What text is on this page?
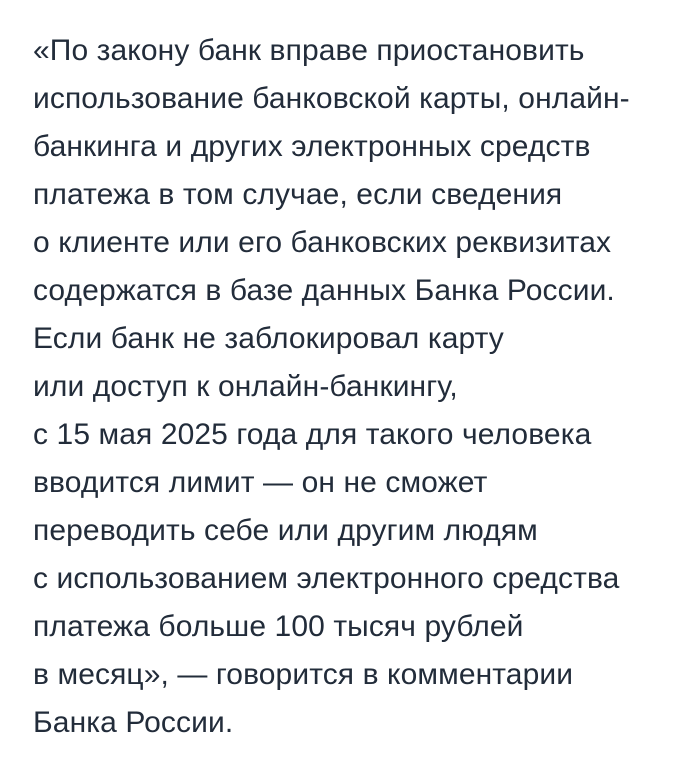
«По закону банк вправе приостановить
использование банковской карты, онлайн-
банкинга и других электронных средств
платежа в том случае, если сведения
о клиенте или его банковских реквизитах
содержатся в базе данных Банка России.
Если банк не заблокировал карту
или доступ к онлайн-банкингу,
с 15 мая 2025 года для такого человека
вводится лимит — он не сможет
переводить себе или другим людям
с использованием электронного средства
платежа больше 100 тысяч рублей
в месяц», — говорится в комментарии
Банка России.
